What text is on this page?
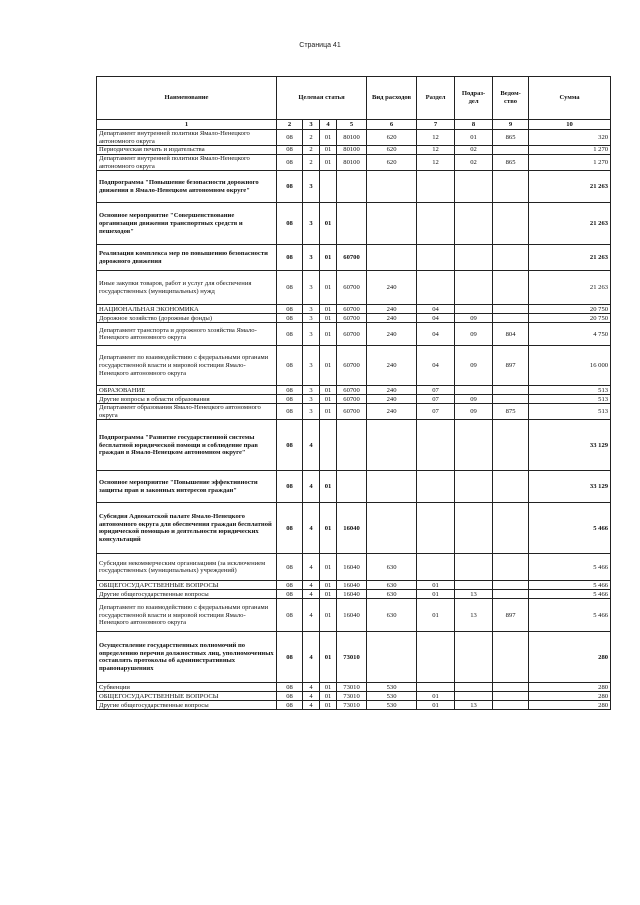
Страница 41
Наименование	Целевая статья				Вид расходов	Раздел	Подраз-дел	Ведом-ство	Сумма
1	2	3	4	5	6	7	8	9	10
Департамент внутренней политики Ямало-Ненецкого автономного округа	08	2	01	80100	620	12	01	865	320
Периодическая печать и издательства	08	2	01	80100	620	12	02		1 270
Департамент внутренней политики Ямало-Ненецкого автономного округа	08	2	01	80100	620	12	02	865	1 270
Подпрограмма "Повышение безопасности дорожного движения в Ямало-Ненецком автономном округе"	08	3							21 263
Основное мероприятие "Совершенствование организации движения транспортных средств и пешеходов"	08	3	01						21 263
Реализация комплекса мер по повышению безопасности дорожного движения	08	3	01	60700					21 263
Иные закупки товаров, работ и услуг для обеспечения государственных (муниципальных) нужд	08	3	01	60700	240				21 263
НАЦИОНАЛЬНАЯ ЭКОНОМИКА	08	3	01	60700	240	04			20 750
Дорожное хозяйство (дорожные фонды)	08	3	01	60700	240	04	09		20 750
Департамент транспорта и дорожного хозяйства Ямало-Ненецкого автономного округа	08	3	01	60700	240	04	09	804	4 750
Департамент по взаимодействию с федеральными органами государственной власти и мировой юстиции Ямало-Ненецкого автономного округа	08	3	01	60700	240	04	09	897	16 000
ОБРАЗОВАНИЕ	08	3	01	60700	240	07			513
Другие вопросы в области образования	08	3	01	60700	240	07	09		513
Департамент образования Ямало-Ненецкого автономного округа	08	3	01	60700	240	07	09	875	513
Подпрограмма "Развитие государственной системы бесплатной юридической помощи и соблюдение прав граждан в Ямало-Ненецком автономном округе"	08	4							33 129
Основное мероприятие "Повышение эффективности защиты прав и законных интересов граждан"	08	4	01						33 129
Субсидия Адвокатской палате Ямало-Ненецкого автономного округа для обеспечения граждан бесплатной юридической помощью и деятельности юридических консультаций	08	4	01	16040					5 466
Субсидии некоммерческим организациям (за исключением государственных (муниципальных) учреждений)	08	4	01	16040	630				5 466
ОБЩЕГОСУДАРСТВЕННЫЕ ВОПРОСЫ	08	4	01	16040	630	01			5 466
Другие общегосударственные вопросы	08	4	01	16040	630	01	13		5 466
Департамент по взаимодействию с федеральными органами государственной власти и мировой юстиции Ямало-Ненецкого автономного округа	08	4	01	16040	630	01	13	897	5 466
Осуществление государственных полномочий по определению перечня должностных лиц, уполномоченных составлять протоколы об административных правонарушениях	08	4	01	73010					280
Субвенции	08	4	01	73010	530				280
ОБЩЕГОСУДАРСТВЕННЫЕ ВОПРОСЫ	08	4	01	73010	530	01			280
Другие общегосударственные вопросы	08	4	01	73010	530	01	13		280
